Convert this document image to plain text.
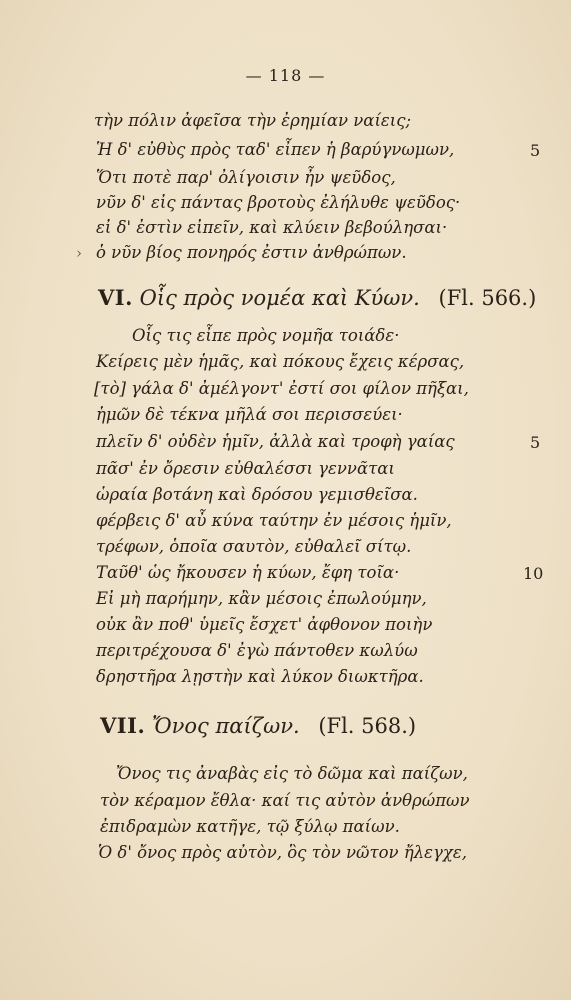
— 118 —
τὴν πόλιν ἀφεῖσα τὴν ἐρημίαν ναίεις;
Ἡ δ' εὐθὺς πρὸς ταδ' εἶπεν ἡ βαρύγνωμων,	5
Ὅτι ποτὲ παρ' ὀλίγοισιν ἦν ψεῦδος,
νῦν δ' εἰς πάντας βροτοὺς ἐλήλυθε ψεῦδος·
εἰ δ' ἐστὶν εἰπεῖν, καὶ κλύειν βεβούλησαι·
› ὁ νῦν βίος πονηρός ἐστιν ἀνθρώπων.
VI. Οἷς πρὸς νομέα καὶ Κύων. (Fl. 566.)
Οἷς τις εἶπε πρὸς νομῆα τοιάδε·
Κείρεις μὲν ἡμᾶς, καὶ πόκους ἔχεις κέρσας,
[τὸ] γάλα δ' ἀμέλγοντ' ἐστί σοι φίλον πῆξαι,
ἡμῶν δὲ τέκνα μῆλά σοι περισσεύει·
πλεῖν δ' οὐδὲν ἡμῖν, ἀλλὰ καὶ τροφὴ γαίας	5
πᾶσ' ἐν ὄρεσιν εὐθαλέσσι γεννᾶται
ὡραία βοτάνη καὶ δρόσου γεμισθεῖσα.
φέρβεις δ' αὖ κύνα ταύτην ἐν μέσοις ἡμῖν,
τρέφων, ὁποῖα σαυτὸν, εὐθαλεῖ σίτῳ.
Ταῦθ' ὡς ἤκουσεν ἡ κύων, ἔφη τοῖα·	10
Εἰ μὴ παρήμην, κἂν μέσοις ἐπωλούμην,
οὐκ ἂν ποθ' ὑμεῖς ἔσχετ' ἀφθονον ποιὴν
περιτρέχουσα δ' ἐγὼ πάντοθεν κωλύω
δρηστῆρα λῃστὴν καὶ λύκον διωκτῆρα.
VII. Ὄνος παίζων. (Fl. 568.)
Ὄνος τις ἀναβὰς εἰς τὸ δῶμα καὶ παίζων,
τὸν κέραμον ἔθλα· καί τις αὐτὸν ἀνθρώπων
ἐπιδραμὼν κατῆγε, τῷ ξύλῳ παίων.
Ὁ δ' ὄνος πρὸς αὐτὸν, ὃς τὸν νῶτον ἤλεγχε,
